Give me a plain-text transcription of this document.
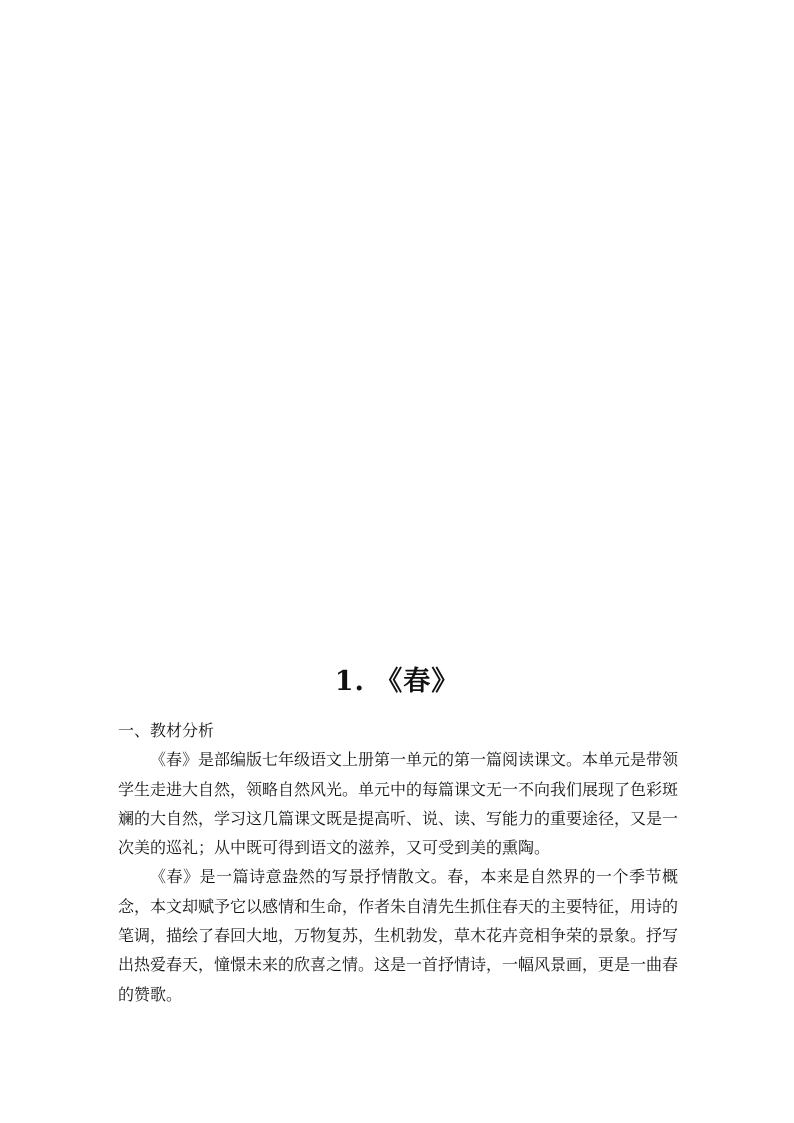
1. 《春》

一、教材分析

《春》是部编版七年级语文上册第一单元的第一篇阅读课文。本单元是带领学生走进大自然，领略自然风光。单元中的每篇课文无一不向我们展现了色彩斑斓的大自然，学习这几篇课文既是提高听、说、读、写能力的重要途径，又是一次美的巡礼；从中既可得到语文的滋养，又可受到美的熏陶。

《春》是一篇诗意盎然的写景抒情散文。春，本来是自然界的一个季节概念，本文却赋予它以感情和生命，作者朱自清先生抓住春天的主要特征，用诗的笔调，描绘了春回大地，万物复苏，生机勃发，草木花卉竞相争荣的景象。抒写出热爱春天，憧憬未来的欣喜之情。这是一首抒情诗，一幅风景画，更是一曲春的赞歌。
